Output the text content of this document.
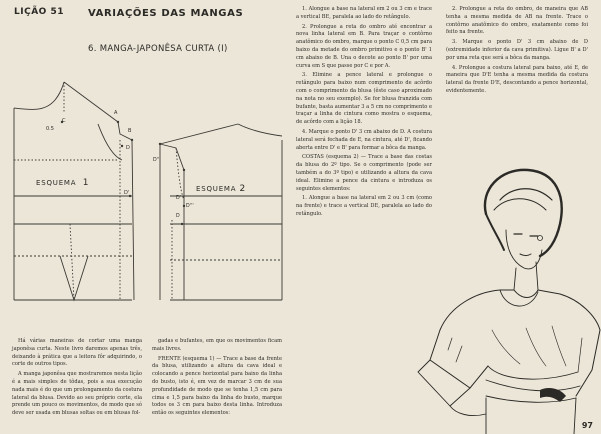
LIÇÃO 51 VARIAÇÕES DAS MANGAS
6. MANGA-JAPONÊSA CURTA (I)
0.5
C
A
B
D
D'
ESQUEMA 1
D''
D'
D
D'''
ESQUEMA 2

Há várias maneiras de cortar uma manga japonêsa curta. Neste livro daremos apenas três, deixando à prática que a leitora fôr adquirindo, o corte de outros tipos.

A manga japonêsa que mostraremos nesta lição é a mais simples de tôdas, pois a sua execução nada mais é do que um prolongamento da costura lateral da blusa. Devido ao seu próprio corte, ela prende um pouco os movimentos, de modo que só deve ser usada em blusas soltas ou em blusas fol-

gadas e bufantes, em que os movimentos ficam mais livres.

FRENTE (esquema 1) — Trace a base da frente da blusa, utilizando a altura da cava ideal e colocando a pence horizontal para baixo da linha do busto, isto é, em vez de marcar 3 cm de sua profundidade de modo que se tenha 1,5 cm para cima e 1,5 para baixo da linha do busto, marque todos os 3 cm para baixo desta linha. Introduza então os seguintes elementos:

1. Alongue a base na lateral em 2 ou 3 cm e trace a vertical BE, paralela ao lado do retângulo.

2. Prolongue a reta do ombro até encontrar a nova linha lateral em B. Para traçar o contôrno anatômico do ombro, marque o ponto C 0,5 cm para baixo da metade do ombro primitivo e o ponto B' 1 cm abaixo de B. Una o decote ao ponto B' por uma curva em S que passe por C e por A.

3. Elimine a pence lateral e prolongue o retângulo para baixo num comprimento de acôrdo com o comprimento da blusa (êste caso aproximado na nota no seu exemplo). Se for blusa franzida com bufante, basta aumentar 3 a 5 cm no comprimento e traçar a linha de cintura como mostra o esquema, de acôrdo com a lição 18.

4. Marque o ponto D' 3 cm abaixo de D. A costura lateral será fechada de E, na cintura, até D', ficando aberta entre D' e B' para formar a bôca da manga.

COSTAS (esquema 2) — Trace a base das costas da blusa do 2º tipo. Se o comprimento (pode ser também a do 3º tipo) e utilizando a altura da cava ideal. Elimine a pence da cintura e introduza os seguintes elementos:

1. Alongue a base na lateral em 2 ou 3 cm (como na frente) e trace a vertical DE, paralela ao lado do retângulo.

2. Prolongue a reta do ombro, de maneira que AB tenha a mesma medida de AB na frente. Trace o contôrno anatômico do ombro, exatamente como foi feito na frente.

3. Marque o ponto D' 3 cm abaixo de D (extremidade inferior da cava primitiva). Ligue B' a D' por uma reta que será a bôca da manga.

4. Prolongue a costura lateral para baixo, até E, de maneira que D'E tenha a mesma medida da costura lateral da frente D'E, descontando a pence horizontal, evidentemente.

97
